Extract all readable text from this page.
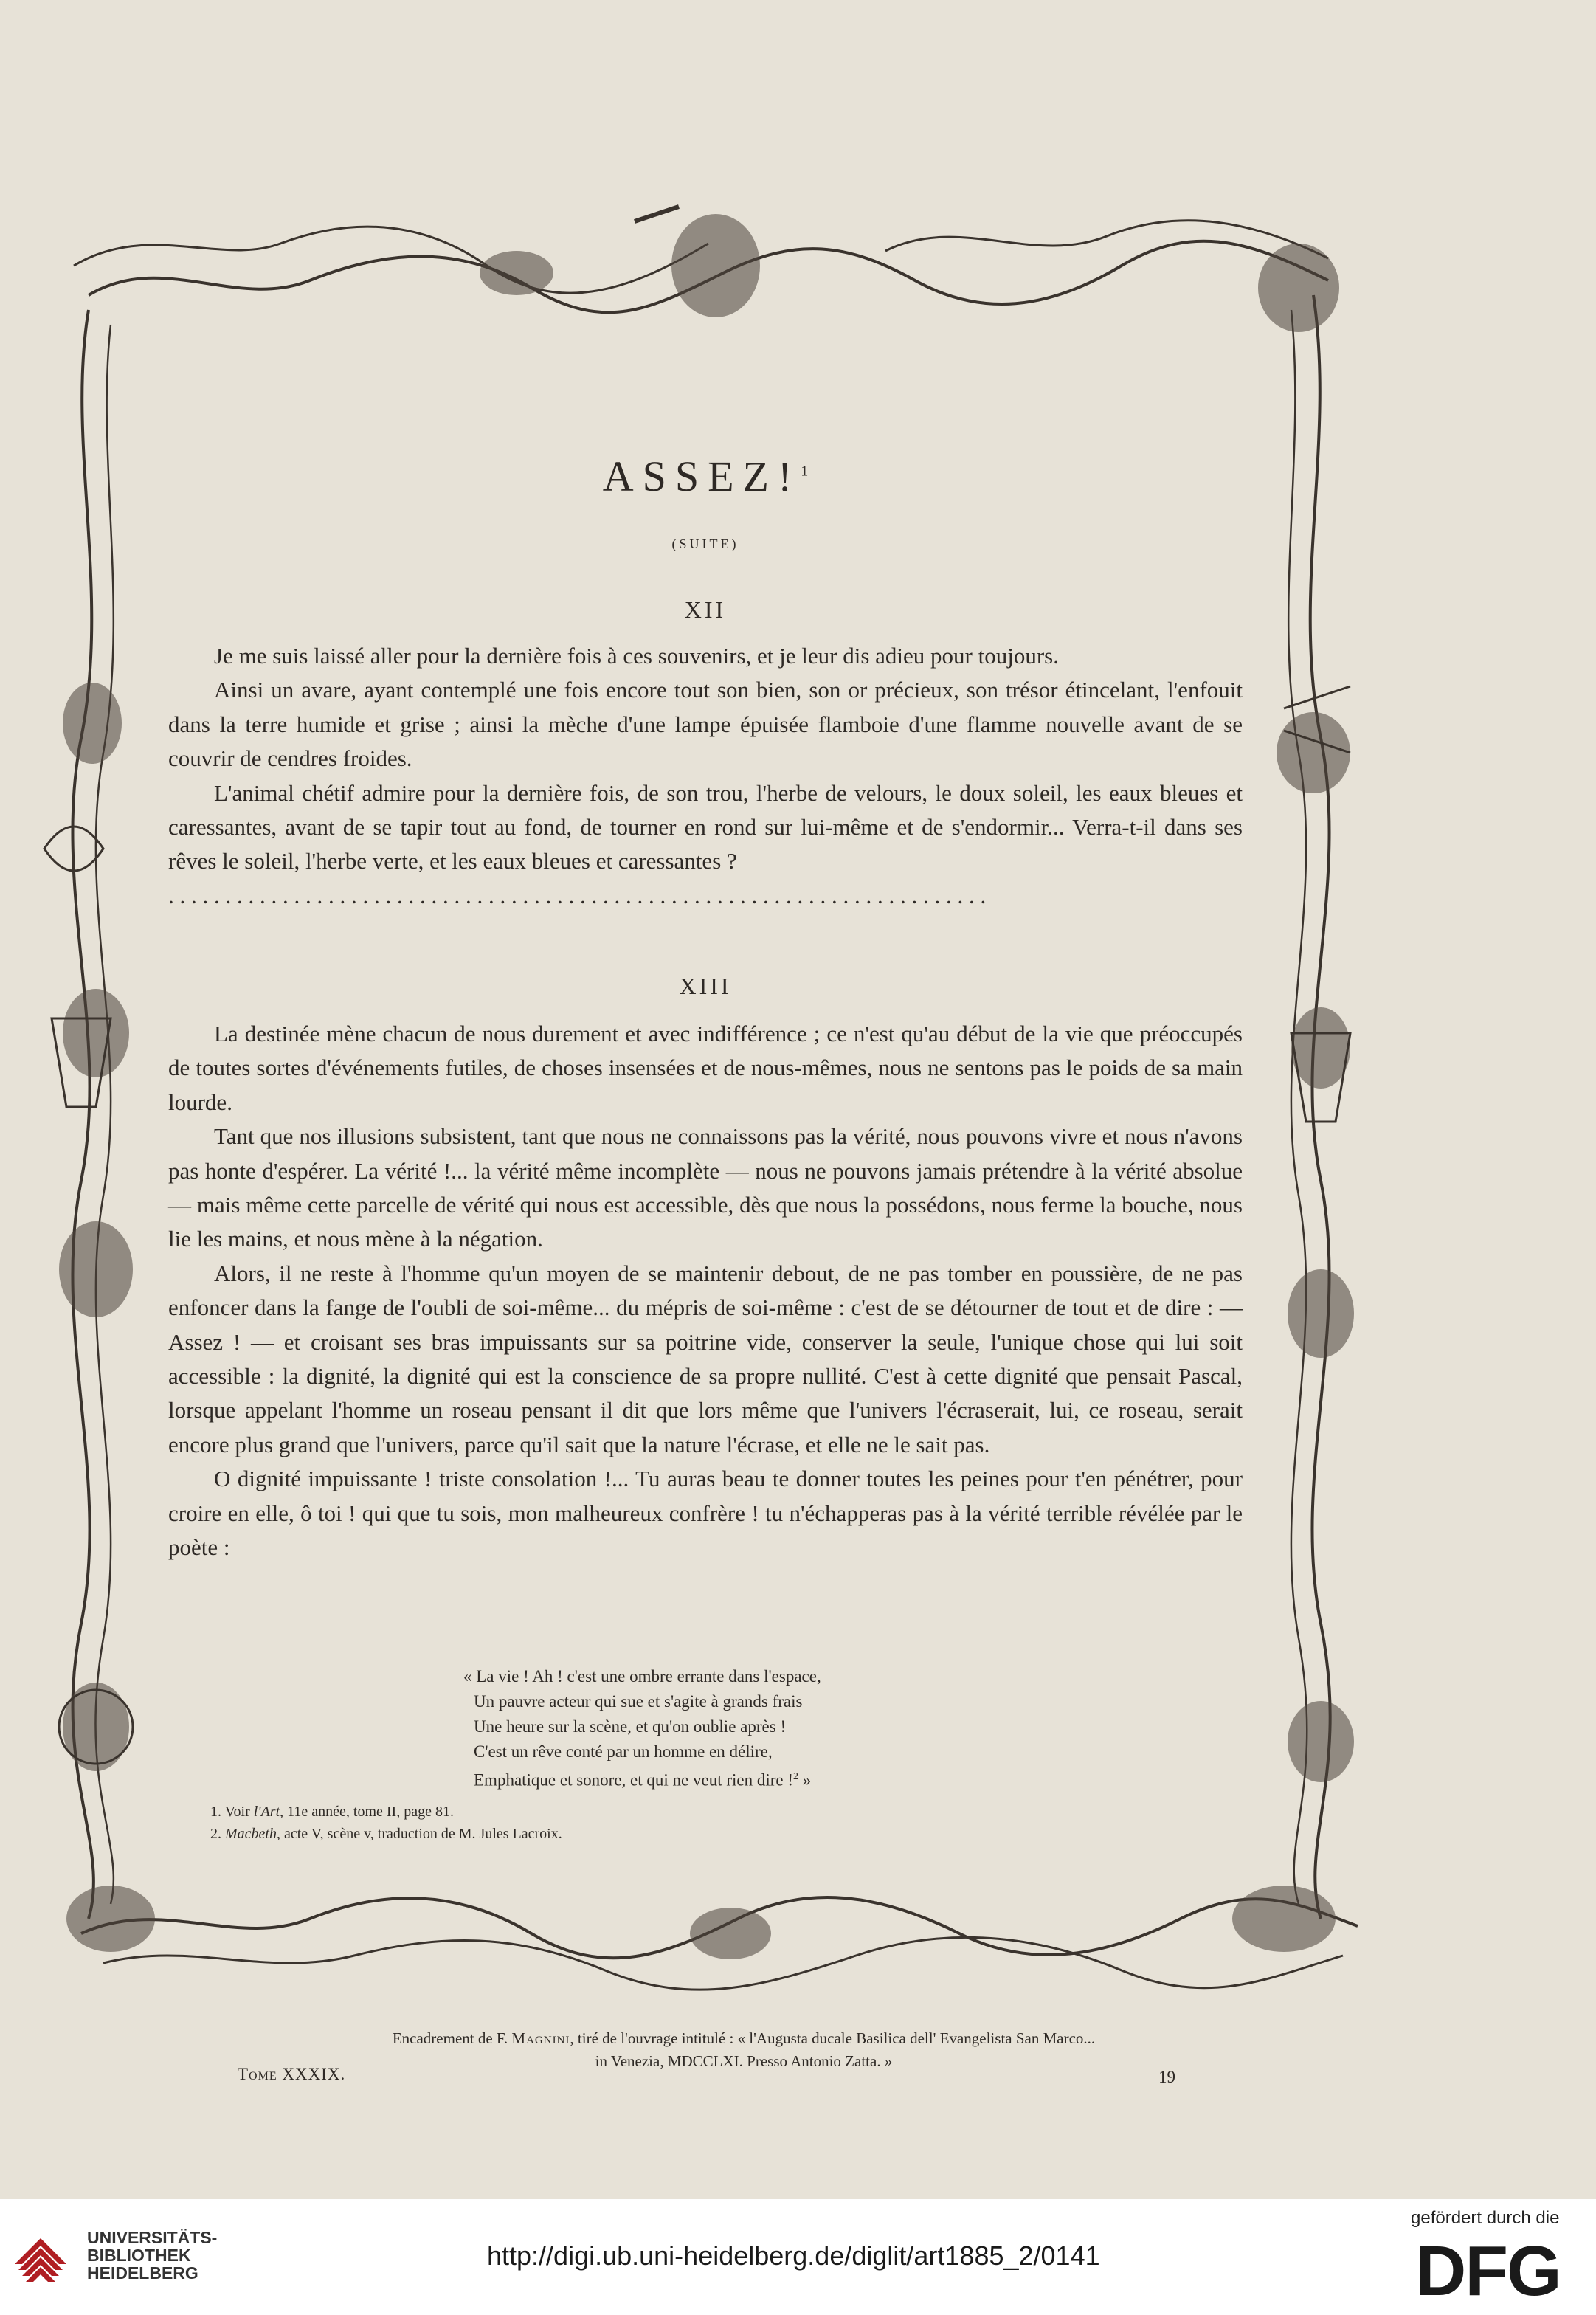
ASSEZ!$^1$
(SUITE)
XII

Je me suis laissé aller pour la dernière fois à ces souvenirs, et je leur dis adieu pour toujours.

Ainsi un avare, ayant contemplé une fois encore tout son bien, son or précieux, son trésor étincelant, l'enfouit dans la terre humide et grise ; ainsi la mèche d'une lampe épuisée flamboie d'une flamme nouvelle avant de se couvrir de cendres froides.

L'animal chétif admire pour la dernière fois, de son trou, l'herbe de velours, le doux soleil, les eaux bleues et caressantes, avant de se tapir tout au fond, de tourner en rond sur lui-même et de s'endormir... Verra-t-il dans ses rêves le soleil, l'herbe verte, et les eaux bleues et caressantes ?

. . . . . . . . . . . . . . . . . . . . . . . . . . . . . . . . . . . . . . . . . . . . . . . . . . . . . . . . . . . . . . . . . . . . . . . .
XIII

La destinée mène chacun de nous durement et avec indifférence ; ce n'est qu'au début de la vie que préoccupés de toutes sortes d'événements futiles, de choses insensées et de nous-mêmes, nous ne sentons pas le poids de sa main lourde.

Tant que nos illusions subsistent, tant que nous ne connaissons pas la vérité, nous pouvons vivre et nous n'avons pas honte d'espérer. La vérité !... la vérité même incomplète — nous ne pouvons jamais prétendre à la vérité absolue — mais même cette parcelle de vérité qui nous est accessible, dès que nous la possédons, nous ferme la bouche, nous lie les mains, et nous mène à la négation.

Alors, il ne reste à l'homme qu'un moyen de se maintenir debout, de ne pas tomber en poussière, de ne pas enfoncer dans la fange de l'oubli de soi-même... du mépris de soi-même : c'est de se détourner de tout et de dire : — Assez ! — et croisant ses bras impuissants sur sa poitrine vide, conserver la seule, l'unique chose qui lui soit accessible : la dignité, la dignité qui est la conscience de sa propre nullité. C'est à cette dignité que pensait Pascal, lorsque appelant l'homme un roseau pensant il dit que lors même que l'univers l'écraserait, lui, ce roseau, serait encore plus grand que l'univers, parce qu'il sait que la nature l'écrase, et elle ne le sait pas.

O dignité impuissante ! triste consolation !... Tu auras beau te donner toutes les peines pour t'en pénétrer, pour croire en elle, ô toi ! qui que tu sois, mon malheureux confrère ! tu n'échapperas pas à la vérité terrible révélée par le poète :

« La vie ! Ah ! c'est une ombre errante dans l'espace,
Un pauvre acteur qui sue et s'agite à grands frais
Une heure sur la scène, et qu'on oublie après !
C'est un rêve conté par un homme en délire,
Emphatique et sonore, et qui ne veut rien dire !$^2$ »
1. Voir l'Art, 11e année, tome II, page 81.
2. Macbeth, acte V, scène v, traduction de M. Jules Lacroix.
Encadrement de F. Magnini, tiré de l'ouvrage intitulé : « l'Augusta ducale Basilica dell' Evangelista San Marco...
in Venezia, MDCCLXI. Presso Antonio Zatta. »
Tome XXXIX.	19
UNIVERSITÄTS-
BIBLIOTHEK
HEIDELBERG
http://digi.ub.uni-heidelberg.de/diglit/art1885_2/0141
gefördert durch die
DFG
